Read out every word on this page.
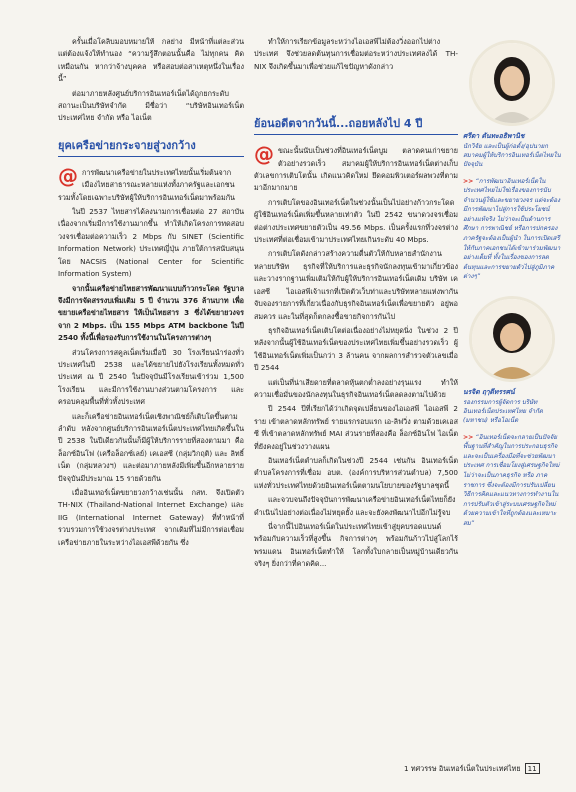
ครั้นเมื่อโคลิบมอบหมายให้ กลย่าง มีหน้าที่แต่ละส่วน แต่ต้องแจ้งให้ทำนอง “ความรู้สึกตอนนั้นคือ ไม่ทุกคน คิดเหมือนกัน หากว่าจ้างบุคคล หรือสอบต่อสาเหตุหนึ่งในเรื่องนี้”

ต่อมาภายหลังศูนย์บริการอินเทอร์เน็ตได้ถูกยกระดับสถานะเป็นบริษัทจำกัด มีชื่อว่า “บริษัทอินเทอร์เน็ตประเทศไทย จำกัด หรือ ไอเน็ต

ยุคเครือข่ายกระจายสู่วงกว้าง

@ การพัฒนาเครือข่ายในประเทศไทยนั้นเริ่มต้นจากเมืองไทยสาธารณะหลายแห่งทั้งภาครัฐและเอกชน รวมทั้งโดยเฉพาะบริษัทผู้ให้บริการอินเทอร์เน็ตมาพร้อมกัน

ในปี 2537 ไทยสารได้ลงนามการเชื่อมต่อ 27 สถาบัน เนื่องจากเริ่มมีการใช้งานมากขึ้น ทำให้เกิดโครงการทดสอบวงจรเชื่อมต่อความเร็ว 2 Mbps กับ SINET (Scientific Information Network) ประเทศญี่ปุ่น ภายใต้การสนับสนุนโดย NACSIS (National Center for Scientific Information System)

จากนั้นเครือข่ายไทยสารพัฒนาแบบก้าวกระโดด รัฐบาลจึงมีการจัดสรรงบเพิ่มเติม 5 ปี จำนวน 376 ล้านบาท เพื่อขยายเครือข่ายไทยสาร ให้เป็นไทยสาร 3 ซึ่งได้ขยายวงจร จาก 2 Mbps. เป็น 155 Mbps ATM backbone ในปี 2540 ทั้งนี้เพื่อรองรับการใช้งานในโครงการต่างๆ

ส่วนโครงการสคูลเน็ตเริ่มเมื่อปี 30 โรงเรียนนำร่องทั่วประเทศในปี 2538 และได้ขยายไปยังโรงเรียนทั้งหมดทั่วประเทศ ณ ปี 2540 ในปัจจุบันมีโรงเรียนเข้าร่วม 1,500 โรงเรียน และมีการใช้งานบางส่วนตามโครงการ และครอบคลุมพื้นที่ทั่วทั้งประเทศ

และก็เครือข่ายอินเทอร์เน็ตเชิงพาณิชย์ก็เติบโตขึ้นตามลำดับ หลังจากศูนย์บริการอินเทอร์เน็ตประเทศไทยเกิดขึ้นในปี 2538 ในปีเดียวกันนั้นก็มีผู้ให้บริการรายที่สองตามมา คือ ล็อกซ์อินโฟ (เครือล็อกซ์เลย์) เคเอสซี (กลุ่มวิกฤติ) และ ลิทธิ์เน็ต (กลุ่มหลวงฯ) และต่อมาภายหลังมีเพิ่มขึ้นอีกหลายราย ปัจจุบันมีประมาณ 15 รายด้วยกัน

เมื่ออินเทอร์เน็ตขยายวงกว้างเช่นนั้น กสท. จึงเปิดตัว TH-NIX (Thailand-National Internet Exchange) และ IIG (International Internet Gateway) ที่ทำหน้าที่รวบรวมการใช้วงจรต่างประเทศ จากเดิมที่ไม่มีการต่อเชื่อมเครือข่ายภายในระหว่างไอเอสพีด้วยกัน ซึ่ง

ทำให้การเรียกข้อมูลระหว่างไอเอสพีไม่ต้องวิ่งออกไปต่างประเทศ จึงช่วยลดต้นทุนการเชื่อมต่อระหว่างประเทศลงได้ TH-NIX จึงเกิดขึ้นมาเพื่อช่วยแก้ไขปัญหาดังกล่าว

ย้อนอดีตจากวันนี้...ถอยหลังไป 4 ปี

@ ขณะนั้นนับเป็นช่วงที่อินเทอร์เน็ตบูม ตลาดคนเก่าขยายตัวอย่างรวดเร็ว สมาคมผู้ให้บริการอินเทอร์เน็ตต่างเก็บตัวเลขการเติบโตนั้น เกิดแนวคิดใหม่ ยึดคอมพิวเตอร์ผลพวงที่ตามมาอีกมากมาย

การเติบโตของอินเทอร์เน็ตในช่วงนั้นเป็นไปอย่างก้าวกระโดด ผู้ใช้อินเทอร์เน็ตเพิ่มขึ้นหลายเท่าตัว ในปี 2542 ขนาดวงจรเชื่อมต่อต่างประเทศขยายตัวเป็น 49.56 Mbps. เป็นครั้งแรกที่วงจรต่างประเทศที่ต่อเชื่อมเข้ามาประเทศไทยเกินระดับ 40 Mbps.

การเติบโตดังกล่าวสร้างความตื่นตัวให้กับหลายสำนักงานหลายบริษัท ธุรกิจที่ให้บริการและธุรกิจนักลงทุนเข้ามาเกี่ยวข้อง และวางรากฐานเพิ่มเติมให้กับผู้ให้บริการอินเทอร์เน็ตเดิม บริษัท เคเอสซี ไอเอสพีเจ้าแรกที่เปิดตัวเว็บท่าและบริษัทหลายแห่งพากันจับจองรายการที่เกี่ยวเนื่องกับธุรกิจอินเทอร์เน็ตเพื่อขยายตัว อยู่พอสมควร และในที่สุดก็ตกลงซื้อขายกิจการกันไป

ธุรกิจอินเทอร์เน็ตเติบโตต่อเนื่องอย่างไม่หยุดนิ่ง ในช่วง 2 ปีหลังจากนั้นผู้ใช้อินเทอร์เน็ตของประเทศไทยเพิ่มขึ้นอย่างรวดเร็ว ผู้ใช้อินเทอร์เน็ตเพิ่มเป็นกว่า 3 ล้านคน จากผลการสำรวจตัวเลขเมื่อปี 2544

แต่เป็นที่น่าเสียดายที่ตลาดหุ้นตกต่ำลงอย่างรุนแรง ทำให้ความเชื่อมั่นของนักลงทุนในธุรกิจอินเทอร์เน็ตลดลงตามไปด้วย

ปี 2544 ปีที่เรียกได้ว่าเกิดจุดเปลี่ยนของไอเอสพี ไอเอสพี 2 ราย เข้าตลาดหลักทรัพย์ รายแรกรอบแรก เอ-ลิฟวิ่ง ตามด้วยเคเอสซี ที่เข้าตลาดหลักทรัพย์ MAI ส่วนรายที่สองคือ ล็อกซ์อินโฟ ไอเน็ต ที่ยังคงอยู่ในช่วงวางแผน

อินเทอร์เน็ตตำบลก็เกิดในช่วงปี 2544 เช่นกัน อินเทอร์เน็ตตำบลโครงการที่เชื่อม อบต. (องค์การบริหารส่วนตำบล) 7,500 แห่งทั่วประเทศไทยด้วยอินเทอร์เน็ตตามนโยบายของรัฐบาลชุดนี้

และจวบจนถึงปัจจุบันการพัฒนาเครือข่ายอินเทอร์เน็ตไทยก็ยังดำเนินไปอย่างต่อเนื่องไม่หยุดยั้ง และจะยังคงพัฒนาไปอีกไม่รู้จบ

นี่จากนี้ไปอินเทอร์เน็ตในประเทศไทยเข้าสู่ยุคบรอดแบนด์ พร้อมกับความเร็วที่สูงขึ้น กิจการต่างๆ พร้อมกันก้าวไปสู่โลกไร้พรมแดน อินเทอร์เน็ตทำให้ โลกทั้งใบกลายเป็นหมู่บ้านเดียวกันจริงๆ ยิ่งกว่าที่คาดคิด...

ศรีดา ตันทะอธิพานิช
นักวิจัย และเป็นผู้ก่อตั้ง/อุปนายก สมาคมผู้ให้บริการอินเทอร์เน็ตไทยในปัจจุบัน
>> “การพัฒนาอินเทอร์เน็ตในประเทศไทยไม่ใช่เรื่องของการนับจำนวนผู้ใช้และขยายวงจร แต่จะต้องมีการพัฒนาไปสู่การใช้ประโยชน์อย่างแท้จริง ไม่ว่าจะเป็นด้านการศึกษา การพาณิชย์ หรือการปกครอง ภาครัฐจะต้องเป็นผู้นำ ในการเปิดเสรีให้กับภาคเอกชนได้เข้ามาร่วมพัฒนาอย่างเต็มที่ ทั้งในเรื่องของการลดต้นทุนและการขยายตัวไปสู่ภูมิภาคต่างๆ”
นรจิต ฤๅดีทรรศน์
รองกรรมการผู้จัดการ บริษัทอินเทอร์เน็ตประเทศไทย จำกัด (มหาชน) หรือไอเน็ต
>> “อินเทอร์เน็ตจะกลายเป็นปัจจัยพื้นฐานที่สำคัญในการประกอบธุรกิจ และจะเป็นเครื่องมือที่จะช่วยพัฒนาประเทศ การเชื่อมโยงสู่เศรษฐกิจใหม่ ไม่ว่าจะเป็นภาคธุรกิจ หรือ ภาคราชการ ซึ่งจะต้องมีการปรับเปลี่ยนวิธีการคิดและแนวทางการทำงานในการปรับตัวเข้าสู่ระบบเศรษฐกิจใหม่ด้วยความเข้าใจที่ถูกต้องและเหมาะสม”
1 ทศวรรษ อินเทอร์เน็ตในประเทศไทย 11
